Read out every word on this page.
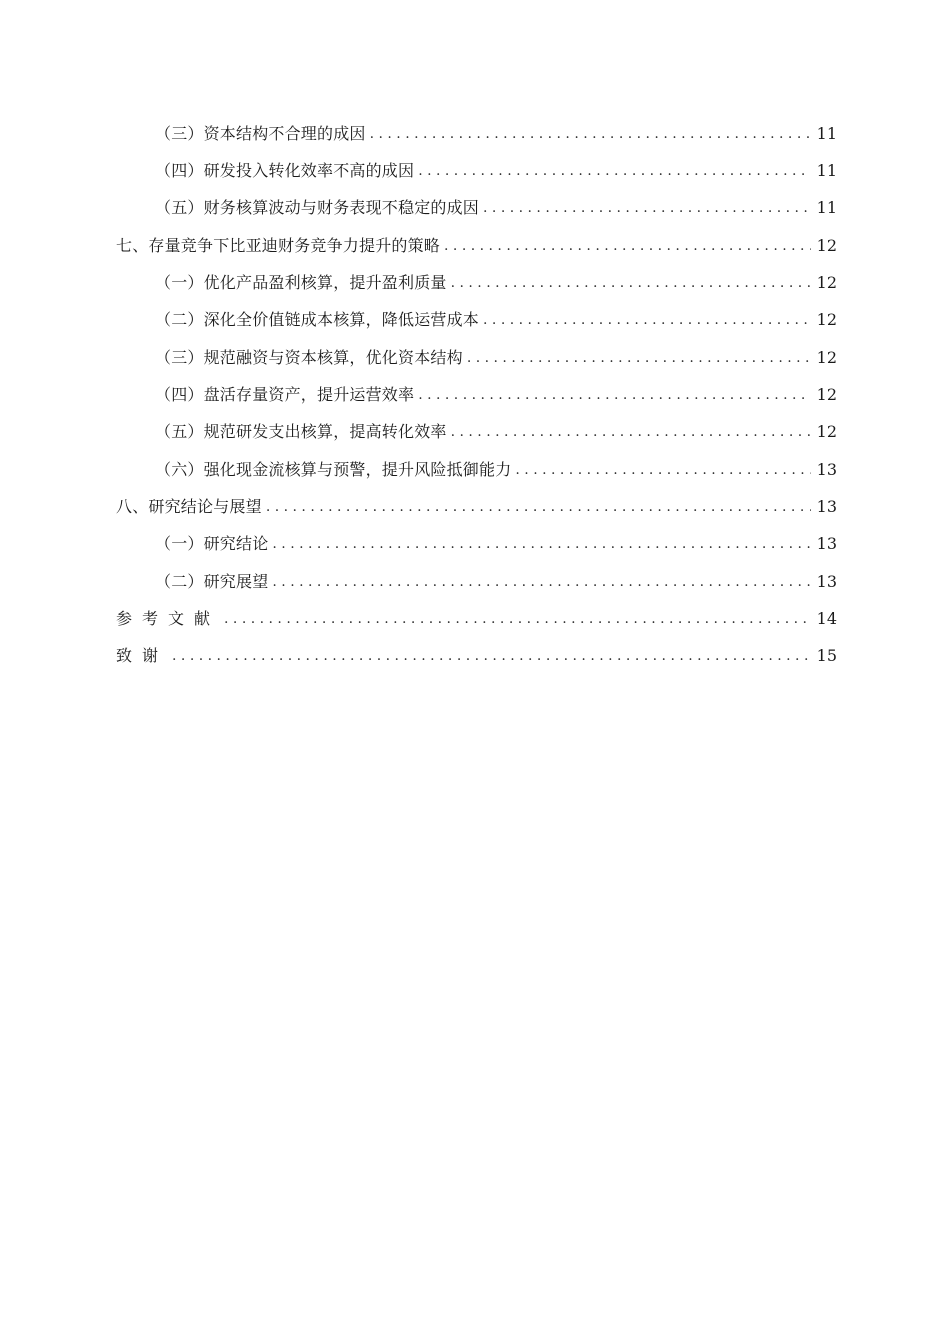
（三）资本结构不合理的成因 . . .	11
（四）研发投入转化效率不高的成因 . . .	11
（五）财务核算波动与财务表现不稳定的成因 . . .	11
七、存量竞争下比亚迪财务竞争力提升的策略 . . .	12
（一）优化产品盈利核算，提升盈利质量 . . .	12
（二）深化全价值链成本核算，降低运营成本 . . .	12
（三）规范融资与资本核算，优化资本结构 . . .	12
（四）盘活存量资产，提升运营效率 . . .	12
（五）规范研发支出核算，提高转化效率 . . .	12
（六）强化现金流核算与预警，提升风险抵御能力 . . .	13
八、研究结论与展望 . . .	13
（一）研究结论 . . .	13
（二）研究展望 . . .	13
参考文献 . . .	14
致谢 . . .	15
